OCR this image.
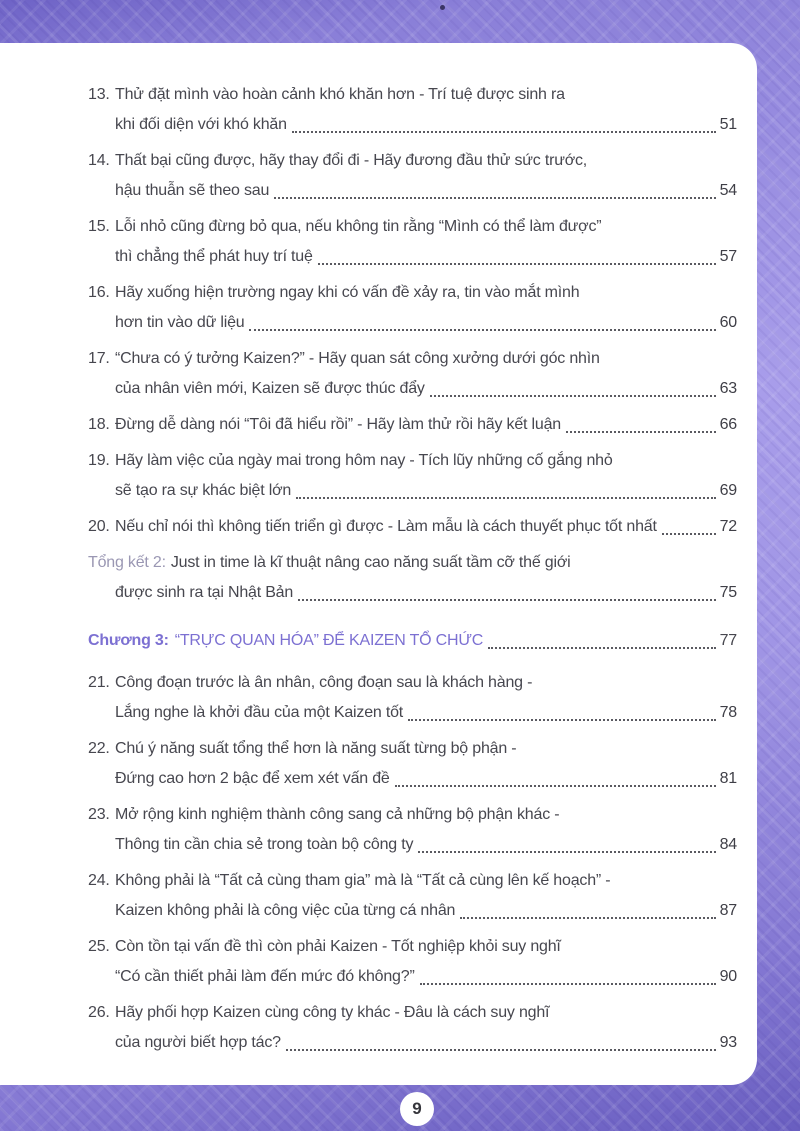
13. Thử đặt mình vào hoàn cảnh khó khăn hơn - Trí tuệ được sinh ra
khi đối diện với khó khăn	51
14. Thất bại cũng được, hãy thay đổi đi - Hãy đương đầu thử sức trước,
hậu thuẫn sẽ theo sau	54
15. Lỗi nhỏ cũng đừng bỏ qua, nếu không tin rằng “Mình có thể làm được”
thì chẳng thể phát huy trí tuệ	57
16. Hãy xuống hiện trường ngay khi có vấn đề xảy ra, tin vào mắt mình
hơn tin vào dữ liệu	60
17. “Chưa có ý tưởng Kaizen?” - Hãy quan sát công xưởng dưới góc nhìn
của nhân viên mới, Kaizen sẽ được thúc đẩy	63
18. Đừng dễ dàng nói “Tôi đã hiểu rồi” - Hãy làm thử rồi hãy kết luận	66
19. Hãy làm việc của ngày mai trong hôm nay - Tích lũy những cố gắng nhỏ
sẽ tạo ra sự khác biệt lớn	69
20. Nếu chỉ nói thì không tiến triển gì được - Làm mẫu là cách thuyết phục tốt nhất	72
Tổng kết 2: Just in time là kĩ thuật nâng cao năng suất tầm cỡ thế giới
được sinh ra tại Nhật Bản	75
Chương 3: “TRỰC QUAN HÓA” ĐỂ KAIZEN TỔ CHỨC	77
21. Công đoạn trước là ân nhân, công đoạn sau là khách hàng -
Lắng nghe là khởi đầu của một Kaizen tốt	78
22. Chú ý năng suất tổng thể hơn là năng suất từng bộ phận -
Đứng cao hơn 2 bậc để xem xét vấn đề	81
23. Mở rộng kinh nghiệm thành công sang cả những bộ phận khác -
Thông tin cần chia sẻ trong toàn bộ công ty	84
24. Không phải là “Tất cả cùng tham gia” mà là “Tất cả cùng lên kế hoạch” -
Kaizen không phải là công việc của từng cá nhân	87
25. Còn tồn tại vấn đề thì còn phải Kaizen - Tốt nghiệp khỏi suy nghĩ
“Có cần thiết phải làm đến mức đó không?”	90
26. Hãy phối hợp Kaizen cùng công ty khác - Đâu là cách suy nghĩ
của người biết hợp tác?	93
9
